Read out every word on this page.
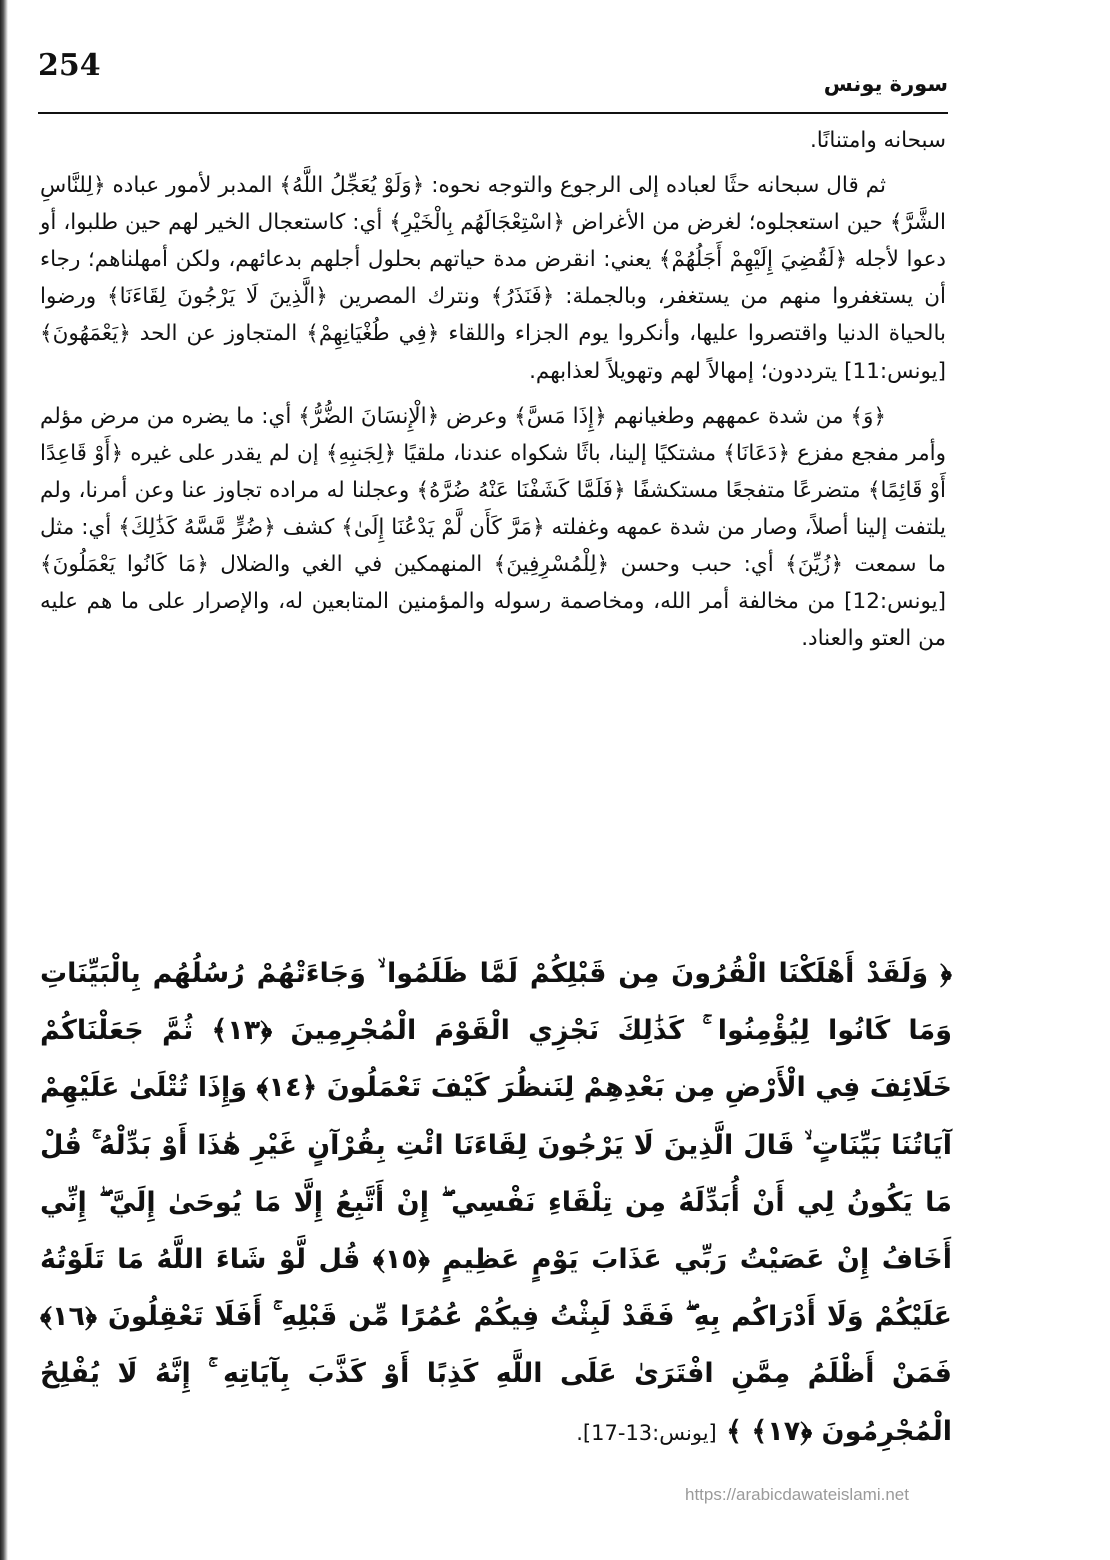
254
سورة يونس

سبحانه وامتنانًا.

ثم قال سبحانه حثًا لعباده إلى الرجوع والتوجه نحوه: ﴿وَلَوْ يُعَجِّلُ اللَّهُ﴾ المدبر لأمور عباده ﴿لِلنَّاسِ الشَّرَّ﴾ حين استعجلوه؛ لغرض من الأغراض ﴿اسْتِعْجَالَهُم بِالْخَيْرِ﴾ أي: كاستعجال الخير لهم حين طلبوا، أو دعوا لأجله ﴿لَقُضِيَ إِلَيْهِمْ أَجَلُهُمْ﴾ يعني: انقرض مدة حياتهم بحلول أجلهم بدعائهم، ولكن أمهلناهم؛ رجاء أن يستغفروا منهم من يستغفر، وبالجملة: ﴿فَنَذَرُ﴾ ونترك المصرين ﴿الَّذِينَ لَا يَرْجُونَ لِقَاءَنَا﴾ ورضوا بالحياة الدنيا واقتصروا عليها، وأنكروا يوم الجزاء واللقاء ﴿فِي طُغْيَانِهِمْ﴾ المتجاوز عن الحد ﴿يَعْمَهُونَ﴾ [يونس:11] يترددون؛ إمهالاً لهم وتهويلاً لعذابهم.

﴿وَ﴾ من شدة عمههم وطغيانهم ﴿إِذَا مَسَّ﴾ وعرض ﴿الْإِنسَانَ الضُّرُّ﴾ أي: ما يضره من مرض مؤلم وأمر مفجع مفزع ﴿دَعَانَا﴾ مشتكيًا إلينا، باثًا شكواه عندنا، ملقيًا ﴿لِجَنبِهِ﴾ إن لم يقدر على غيره ﴿أَوْ قَاعِدًا أَوْ قَائِمًا﴾ متضرعًا متفجعًا مستكشفًا ﴿فَلَمَّا كَشَفْنَا عَنْهُ ضُرَّهُ﴾ وعجلنا له مراده تجاوز عنا وعن أمرنا، ولم يلتفت إلينا أصلاً، وصار من شدة عمهه وغفلته ﴿مَرَّ كَأَن لَّمْ يَدْعُنَا إِلَىٰ﴾ كشف ﴿ضُرٍّ مَّسَّهُ كَذَٰلِكَ﴾ أي: مثل ما سمعت ﴿زُيِّنَ﴾ أي: حبب وحسن ﴿لِلْمُسْرِفِينَ﴾ المنهمكين في الغي والضلال ﴿مَا كَانُوا يَعْمَلُونَ﴾ [يونس:12] من مخالفة أمر الله، ومخاصمة رسوله والمؤمنين المتابعين له، والإصرار على ما هم عليه من العتو والعناد.

﴿ وَلَقَدْ أَهْلَكْنَا الْقُرُونَ مِن قَبْلِكُمْ لَمَّا ظَلَمُوا ۙ وَجَاءَتْهُمْ رُسُلُهُم بِالْبَيِّنَاتِ وَمَا كَانُوا لِيُؤْمِنُوا ۚ كَذَٰلِكَ نَجْزِي الْقَوْمَ الْمُجْرِمِينَ ﴿١٣﴾ ثُمَّ جَعَلْنَاكُمْ خَلَائِفَ فِي الْأَرْضِ مِن بَعْدِهِمْ لِنَنظُرَ كَيْفَ تَعْمَلُونَ ﴿١٤﴾ وَإِذَا تُتْلَىٰ عَلَيْهِمْ آيَاتُنَا بَيِّنَاتٍ ۙ قَالَ الَّذِينَ لَا يَرْجُونَ لِقَاءَنَا ائْتِ بِقُرْآنٍ غَيْرِ هَٰذَا أَوْ بَدِّلْهُ ۚ قُلْ مَا يَكُونُ لِي أَنْ أُبَدِّلَهُ مِن تِلْقَاءِ نَفْسِي ۖ إِنْ أَتَّبِعُ إِلَّا مَا يُوحَىٰ إِلَيَّ ۖ إِنِّي أَخَافُ إِنْ عَصَيْتُ رَبِّي عَذَابَ يَوْمٍ عَظِيمٍ ﴿١٥﴾ قُل لَّوْ شَاءَ اللَّهُ مَا تَلَوْتُهُ عَلَيْكُمْ وَلَا أَدْرَاكُم بِهِ ۖ فَقَدْ لَبِثْتُ فِيكُمْ عُمُرًا مِّن قَبْلِهِ ۚ أَفَلَا تَعْقِلُونَ ﴿١٦﴾ فَمَنْ أَظْلَمُ مِمَّنِ افْتَرَىٰ عَلَى اللَّهِ كَذِبًا أَوْ كَذَّبَ بِآيَاتِهِ ۚ إِنَّهُ لَا يُفْلِحُ الْمُجْرِمُونَ ﴿١٧﴾ ﴾ [يونس:13-17].
https://arabicdawateislami.net
